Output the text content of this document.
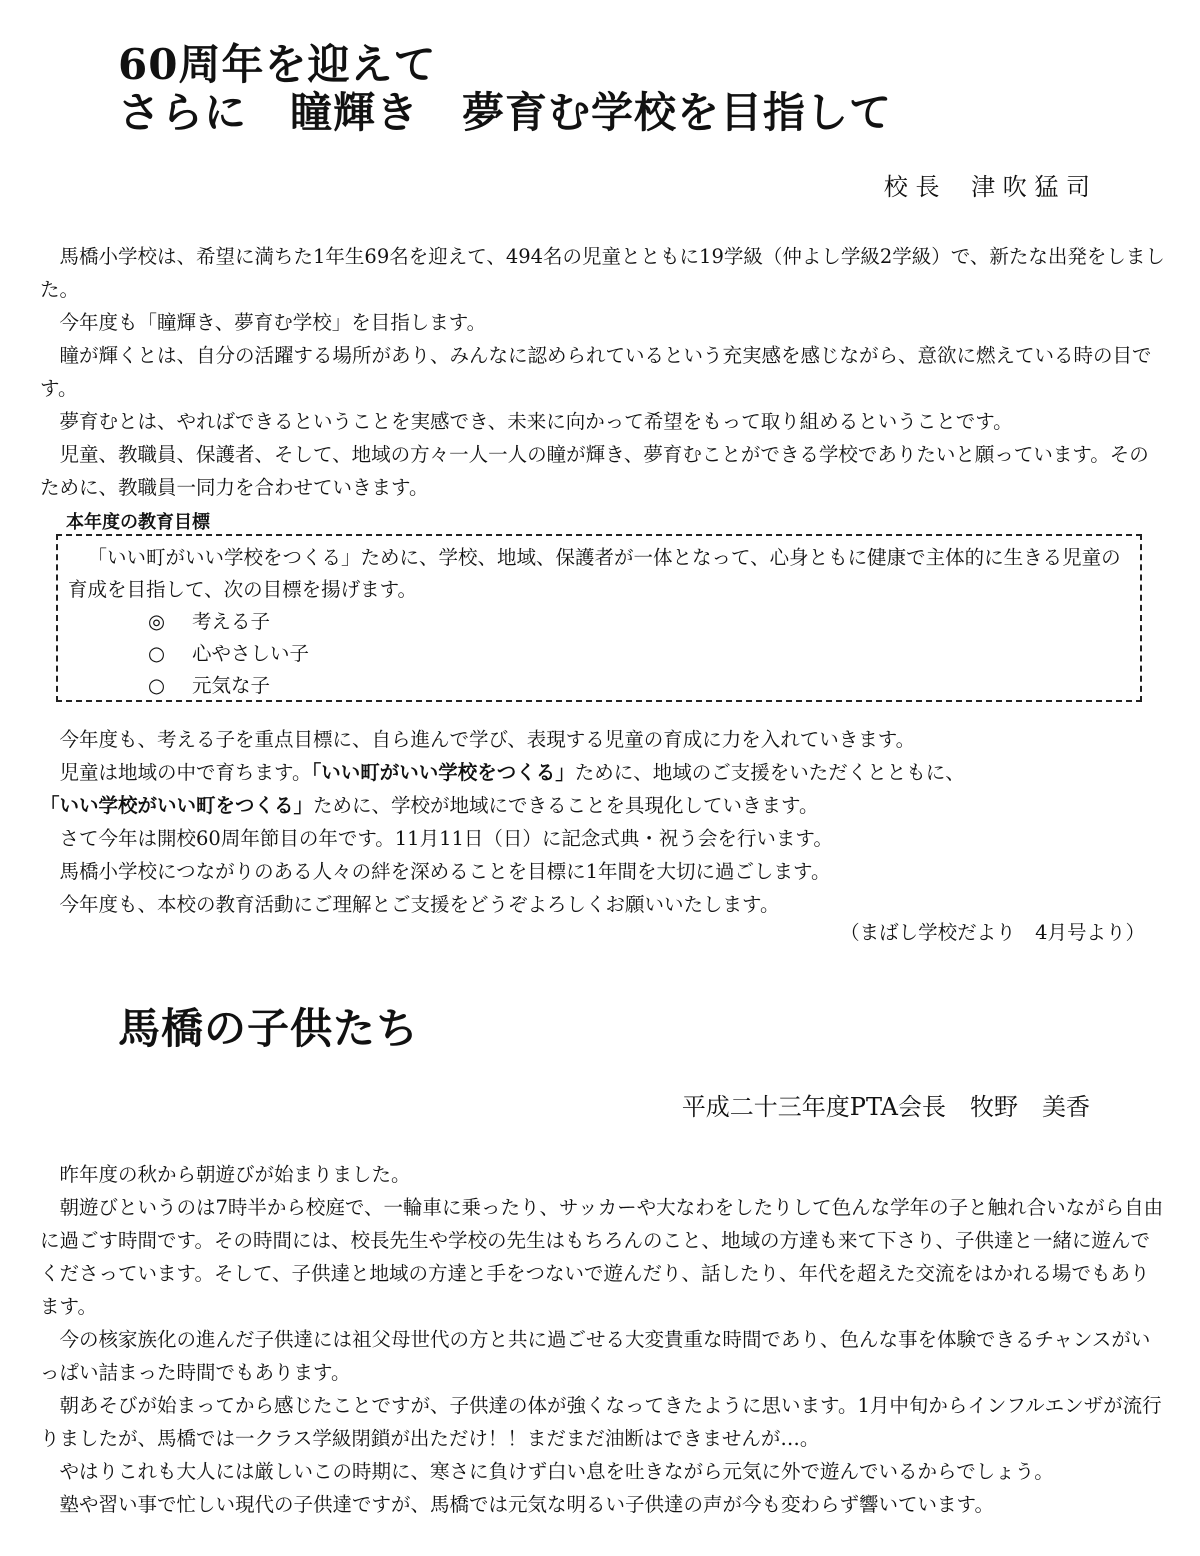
60周年を迎えて
さらに　瞳輝き　夢育む学校を目指して
校 長　 津 吹 猛 司

馬橋小学校は、希望に満ちた1年生69名を迎えて、494名の児童とともに19学級（仲よし学級2学級）で、新たな出発をしました。

今年度も「瞳輝き、夢育む学校」を目指します。

瞳が輝くとは、自分の活躍する場所があり、みんなに認められているという充実感を感じながら、意欲に燃えている時の目です。

夢育むとは、やればできるということを実感でき、未来に向かって希望をもって取り組めるということです。

児童、教職員、保護者、そして、地域の方々一人一人の瞳が輝き、夢育むことができる学校でありたいと願っています。そのために、教職員一同力を合わせていきます。

本年度の教育目標

「いい町がいい学校をつくる」ために、学校、地域、保護者が一体となって、心身ともに健康で主体的に生きる児童の育成を目指して、次の目標を揚げます。

◎ 考える子
○ 心やさしい子
○ 元気な子

今年度も、考える子を重点目標に、自ら進んで学び、表現する児童の育成に力を入れていきます。

児童は地域の中で育ちます。「いい町がいい学校をつくる」ために、地域のご支援をいただくとともに、

「いい学校がいい町をつくる」ために、学校が地域にできることを具現化していきます。

さて今年は開校60周年節目の年です。11月11日（日）に記念式典・祝う会を行います。

馬橋小学校につながりのある人々の絆を深めることを目標に1年間を大切に過ごします。

今年度も、本校の教育活動にご理解とご支援をどうぞよろしくお願いいたします。

（まばし学校だより　4月号より）
馬橋の子供たち
平成二十三年度PTA会長　牧野　美香

昨年度の秋から朝遊びが始まりました。

朝遊びというのは7時半から校庭で、一輪車に乗ったり、サッカーや大なわをしたりして色んな学年の子と触れ合いながら自由に過ごす時間です。その時間には、校長先生や学校の先生はもちろんのこと、地域の方達も来て下さり、子供達と一緒に遊んでくださっています。そして、子供達と地域の方達と手をつないで遊んだり、話したり、年代を超えた交流をはかれる場でもあります。

今の核家族化の進んだ子供達には祖父母世代の方と共に過ごせる大変貴重な時間であり、色んな事を体験できるチャンスがいっぱい詰まった時間でもあります。

朝あそびが始まってから感じたことですが、子供達の体が強くなってきたように思います。1月中旬からインフルエンザが流行りましたが、馬橋では一クラス学級閉鎖が出ただけ！！まだまだ油断はできませんが…。

やはりこれも大人には厳しいこの時期に、寒さに負けず白い息を吐きながら元気に外で遊んでいるからでしょう。

塾や習い事で忙しい現代の子供達ですが、馬橋では元気な明るい子供達の声が今も変わらず響いています。
